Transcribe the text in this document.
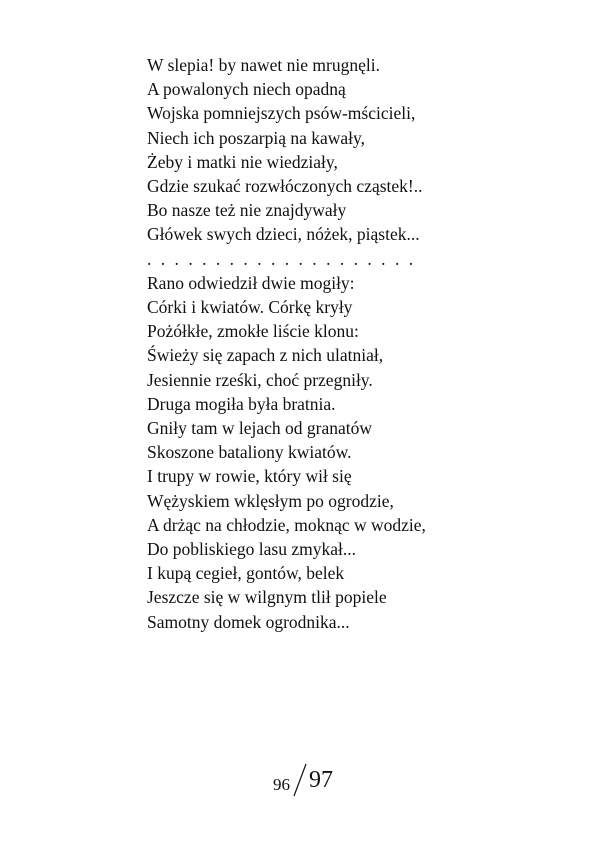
W slepia! by nawet nie mrugnęli.
A powalonych niech opadną
Wojska pomniejszych psów-mścicieli,
Niech ich poszarpią na kawały,
Żeby i matki nie wiedziały,
Gdzie szukać rozwłóczonych cząstek!..
Bo nasze też nie znajdywały
Główek swych dzieci, nóżek, piąstek...
....................
Rano odwiedził dwie mogiły:
Córki i kwiatów. Córkę kryły
Pożółkłe, zmokłe liście klonu:
Świeży się zapach z nich ulatniał,
Jesiennie rześki, choć przegniły.
Druga mogiła była bratnia.
Gniły tam w lejach od granatów
Skoszone bataliony kwiatów.
I trupy w rowie, który wił się
Wężyskiem wklęsłym po ogrodzie,
A drżąc na chłodzie, moknąc w wodzie,
Do pobliskiego lasu zmykał...
I kupą cegieł, gontów, belek
Jeszcze się w wilgnym tlił popiele
Samotny domek ogrodnika...
96 97
